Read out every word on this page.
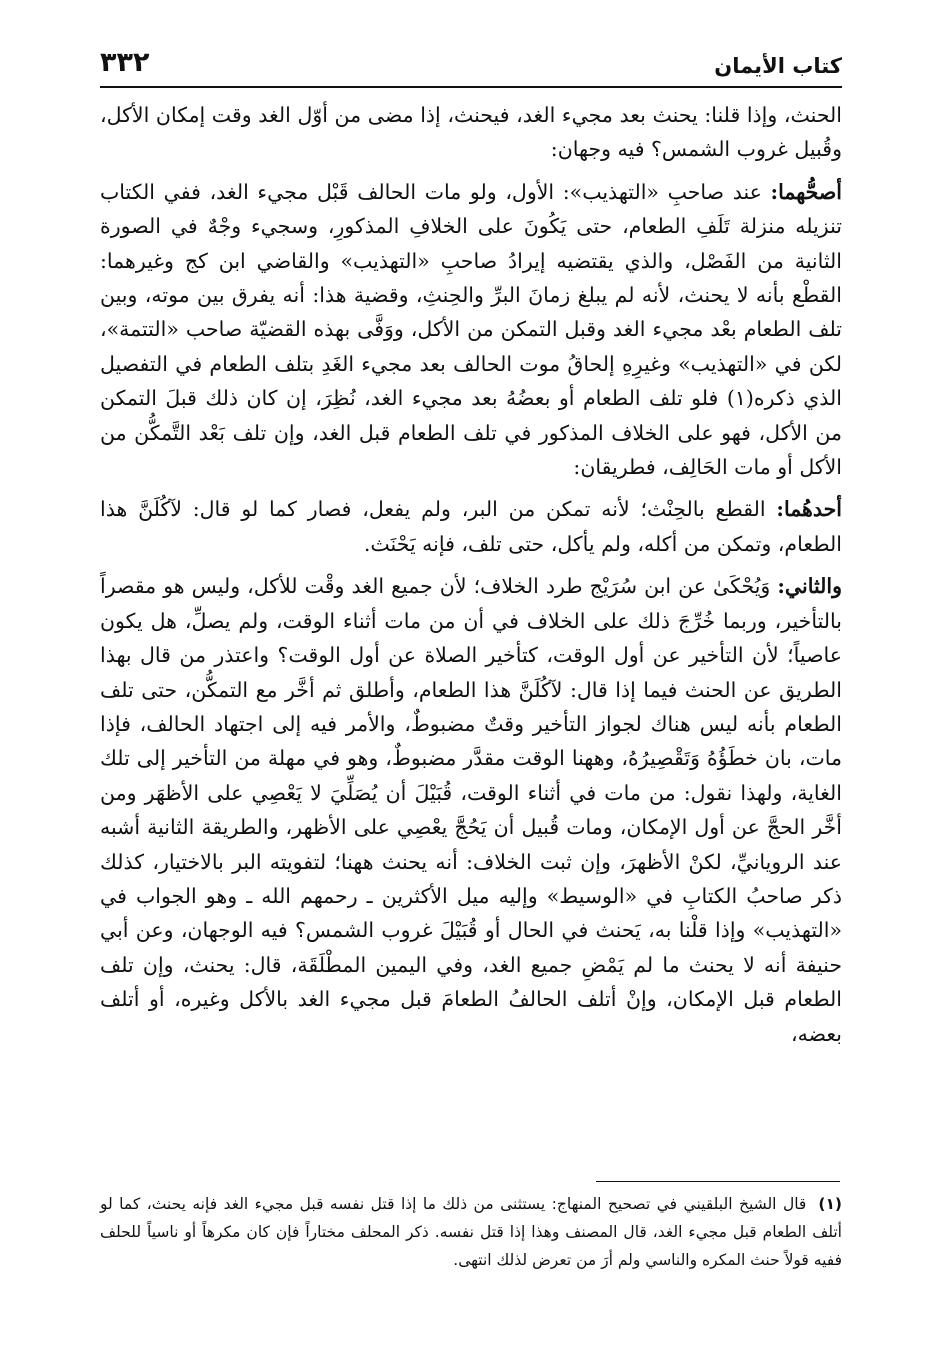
كتاب الأيمان
٣٣٢

الحنث، وإذا قلنا: يحنث بعد مجيء الغد، فيحنث، إذا مضى من أوّل الغد وقت إمكان الأكل، وقُبيل غروب الشمس؟ فيه وجهان:

أصحُّهما: عند صاحبِ «التهذيب»: الأول، ولو مات الحالف قَبْل مجيء الغد، ففي الكتاب تنزيله منزلة تَلَفِ الطعام، حتى يَكُونَ على الخلافِ المذكورِ، وسجيء وجْهٌ في الصورة الثانية من الفَصْل، والذي يقتضيه إيرادُ صاحبِ «التهذيب» والقاضي ابن كج وغيرهما: القطْع بأنه لا يحنث، لأنه لم يبلغ زمانَ البرِّ والحِنثِ، وقضية هذا: أنه يفرق بين موته، وبين تلف الطعام بعْد مجيء الغد وقبل التمكن من الأكل، ووَفَّى بهذه القضيّة صاحب «التتمة»، لكن في «التهذيب» وغيرِهِ إلحاقُ موت الحالف بعد مجيء الغَدِ بتلف الطعام في التفصيل الذي ذكره(١) فلو تلف الطعام أو بعضُهُ بعد مجيء الغد، نُظِرَ، إن كان ذلك قبلَ التمكن من الأكل، فهو على الخلاف المذكور في تلف الطعام قبل الغد، وإن تلف بَعْد التَّمكُّن من الأكل أو مات الحَالِف، فطريقان:

أحدهُما: القطع بالحِنْث؛ لأنه تمكن من البر، ولم يفعل، فصار كما لو قال: لآكُلَنَّ هذا الطعام، وتمكن من أكله، ولم يأكل، حتى تلف، فإنه يَحْنَث.

والثاني: وَيُحْكَىٰ عن ابن سُرَيْج طرد الخلاف؛ لأن جميع الغد وقْت للأكل، وليس هو مقصراً بالتأخير، وربما خُرِّجَ ذلك على الخلاف في أن من مات أثناء الوقت، ولم يصلِّ، هل يكون عاصياً؛ لأن التأخير عن أول الوقت، كتأخير الصلاة عن أول الوقت؟ واعتذر من قال بهذا الطريق عن الحنث فيما إذا قال: لآكُلَنَّ هذا الطعام، وأطلق ثم أخَّر مع التمكُّن، حتى تلف الطعام بأنه ليس هناك لجواز التأخير وقتٌ مضبوطٌ، والأمر فيه إلى اجتهاد الحالف، فإذا مات، بان خطَؤُهُ وَتَقْصِيرُهُ، وههنا الوقت مقدَّر مضبوطٌ، وهو في مهلة من التأخير إلى تلك الغاية، ولهذا نقول: من مات في أثناء الوقت، قُبَيْلَ أن يُصَلِّيَ لا يَعْصِي على الأظهَر ومن أخَّر الحجَّ عن أول الإمكان، ومات قُبيل أن يَحُجَّ يعْصِي على الأظهر، والطريقة الثانية أشبه عند الرويانيِّ، لكنْ الأظهرَ، وإن ثبت الخلاف: أنه يحنث ههنا؛ لتفويته البر بالاختيار، كذلك ذكر صاحبُ الكتابِ في «الوسيط» وإليه ميل الأكثرين ـ رحمهم الله ـ وهو الجواب في «التهذيب» وإذا قلْنا به، يَحنث في الحال أو قُبَيْلَ غروب الشمس؟ فيه الوجهان، وعن أبي حنيفة أنه لا يحنث ما لم يَمْضِ جميع الغد، وفي اليمين المطْلَقَة، قال: يحنث، وإن تلف الطعام قبل الإمكان، وإنْ أتلف الحالفُ الطعامَ قبل مجيء الغد بالأكل وغيره، أو أتلف بعضه،

(١)قال الشيخ البلقيني في تصحيح المنهاج: يستثنى من ذلك ما إذا قتل نفسه قبل مجيء الغد فإنه يحنث، كما لو أتلف الطعام قبل مجيء الغد، قال المصنف وهذا إذا قتل نفسه. ذكر المحلف مختاراً فإن كان مكرهاً أو ناسياً للحلف ففيه قولاً حنث المكره والناسي ولم أرَ من تعرض لذلك انتهى.
